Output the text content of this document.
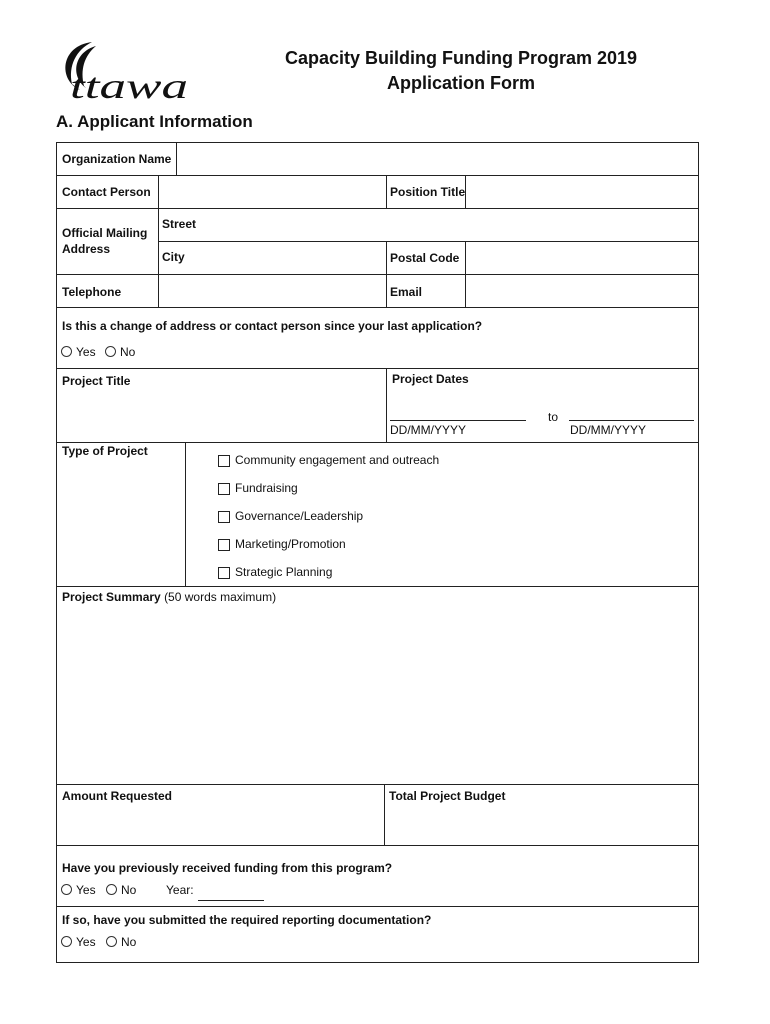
ttawa
Capacity Building Funding Program 2019
Application Form
A. Applicant Information
Organization Name
Contact Person	Position Title
Official Mailing Address
Street
City	Postal Code
Telephone	Email
Is this a change of address or contact person since your last application?
Yes No
Project Title	Project Dates
to
DD/MM/YYYY	DD/MM/YYYY
Type of Project
Community engagement and outreach
Fundraising
Governance/Leadership
Marketing/Promotion
Strategic Planning
Project Summary (50 words maximum)
Amount Requested	Total Project Budget
Have you previously received funding from this program?
Yes No Year:
If so, have you submitted the required reporting documentation?
Yes No
